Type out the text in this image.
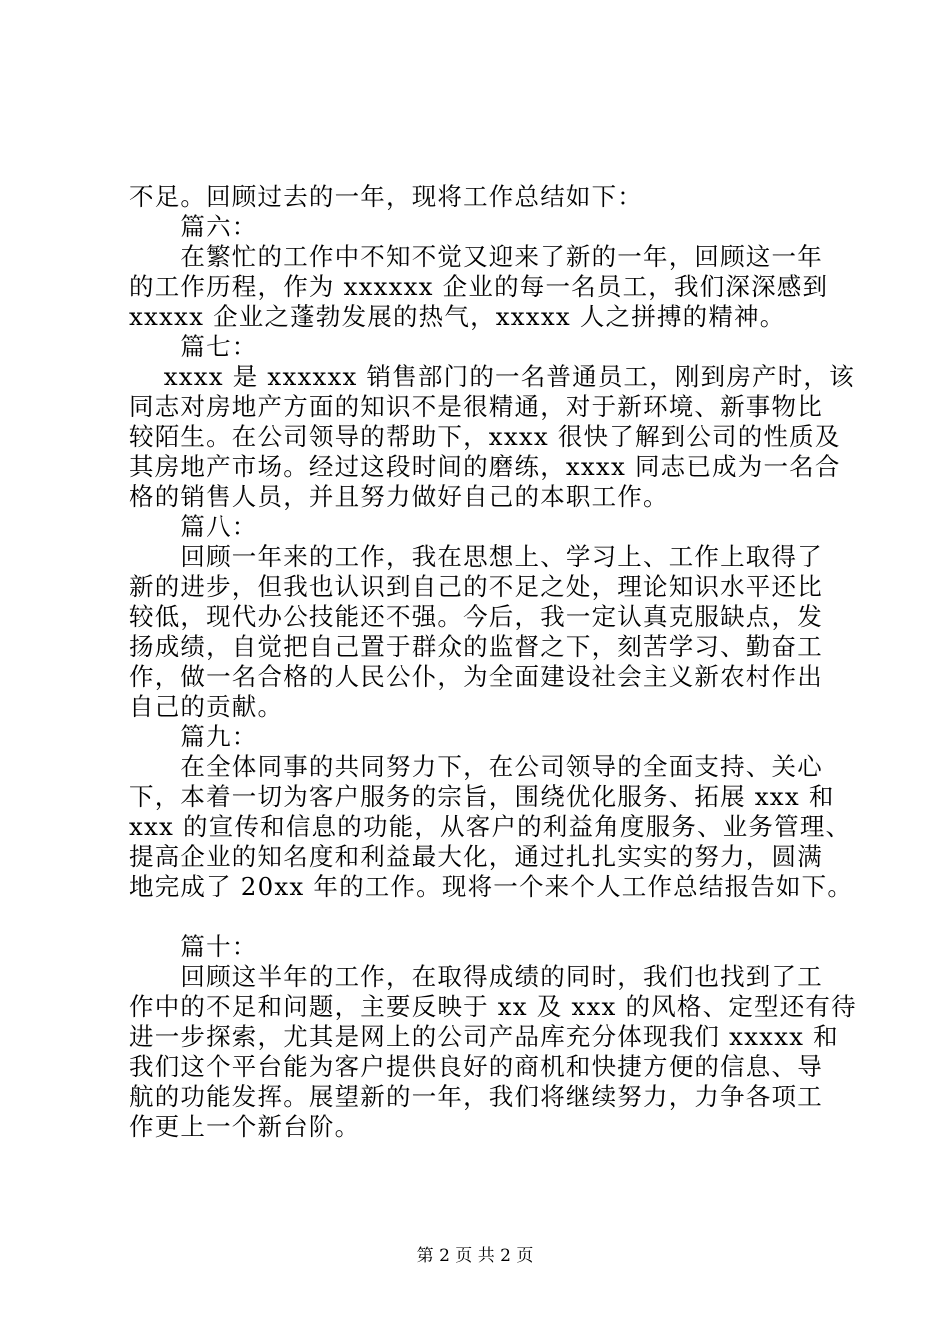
不足。回顾过去的一年，现将工作总结如下：
　　篇六：
　　在繁忙的工作中不知不觉又迎来了新的一年，回顾这一年
的工作历程，作为 xxxxxx 企业的每一名员工，我们深深感到
xxxxx 企业之蓬勃发展的热气，xxxxx 人之拼搏的精神。
　　篇七：
　 xxxx 是 xxxxxx 销售部门的一名普通员工，刚到房产时，该
同志对房地产方面的知识不是很精通，对于新环境、新事物比
较陌生。在公司领导的帮助下，xxxx 很快了解到公司的性质及
其房地产市场。经过这段时间的磨练，xxxx 同志已成为一名合
格的销售人员，并且努力做好自己的本职工作。
　　篇八：
　　回顾一年来的工作，我在思想上、学习上、工作上取得了
新的进步，但我也认识到自己的不足之处，理论知识水平还比
较低，现代办公技能还不强。今后，我一定认真克服缺点，发
扬成绩，自觉把自己置于群众的监督之下，刻苦学习、勤奋工
作，做一名合格的人民公仆，为全面建设社会主义新农村作出
自己的贡献。
　　篇九：
　　在全体同事的共同努力下，在公司领导的全面支持、关心
下，本着一切为客户服务的宗旨，围绕优化服务、拓展 xxx 和
xxx 的宣传和信息的功能，从客户的利益角度服务、业务管理、
提高企业的知名度和利益最大化，通过扎扎实实的努力，圆满
地完成了 20xx 年的工作。现将一个来个人工作总结报告如下。
　　篇十：
　　回顾这半年的工作，在取得成绩的同时，我们也找到了工
作中的不足和问题，主要反映于 xx 及 xxx 的风格、定型还有待
进一步探索，尤其是网上的公司产品库充分体现我们 xxxxx 和
我们这个平台能为客户提供良好的商机和快捷方便的信息、导
航的功能发挥。展望新的一年，我们将继续努力，力争各项工
作更上一个新台阶。
第 2 页 共 2 页
